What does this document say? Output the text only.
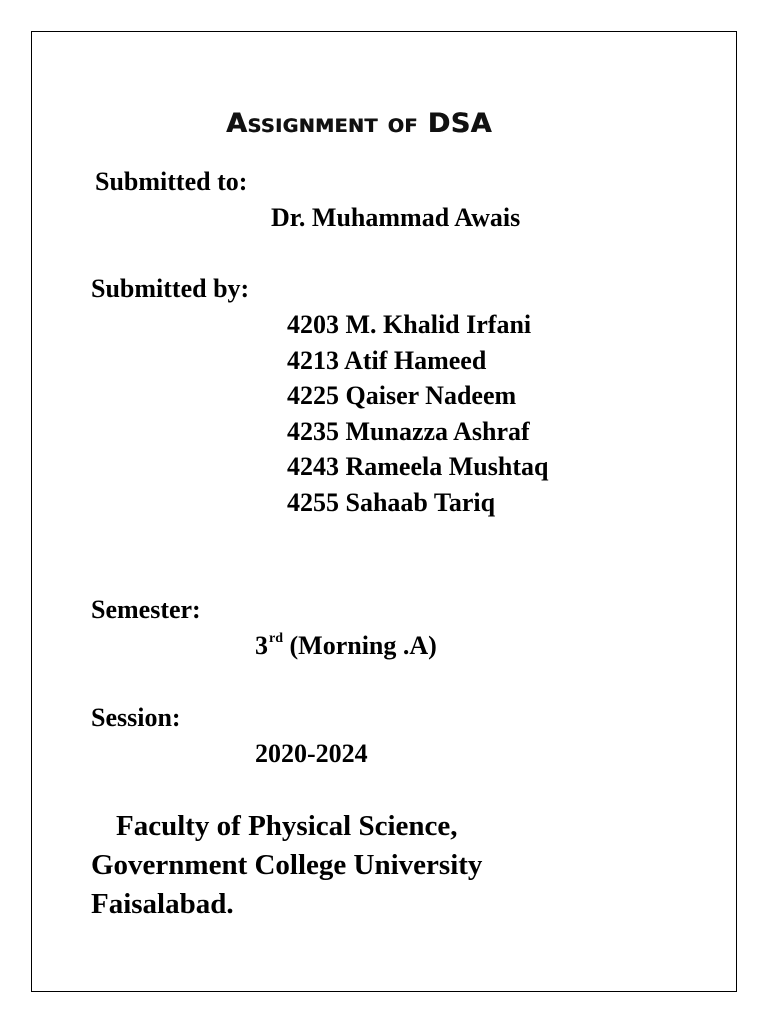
Assignment of DSA
Submitted to:
Dr. Muhammad Awais
Submitted by:
4203 M. Khalid Irfani
4213 Atif Hameed
4225 Qaiser Nadeem
4235 Munazza Ashraf
4243 Rameela Mushtaq
4255 Sahaab Tariq
Semester:
3rd (Morning .A)
Session:
2020-2024
Faculty of Physical Science,
Government College University
Faisalabad.
